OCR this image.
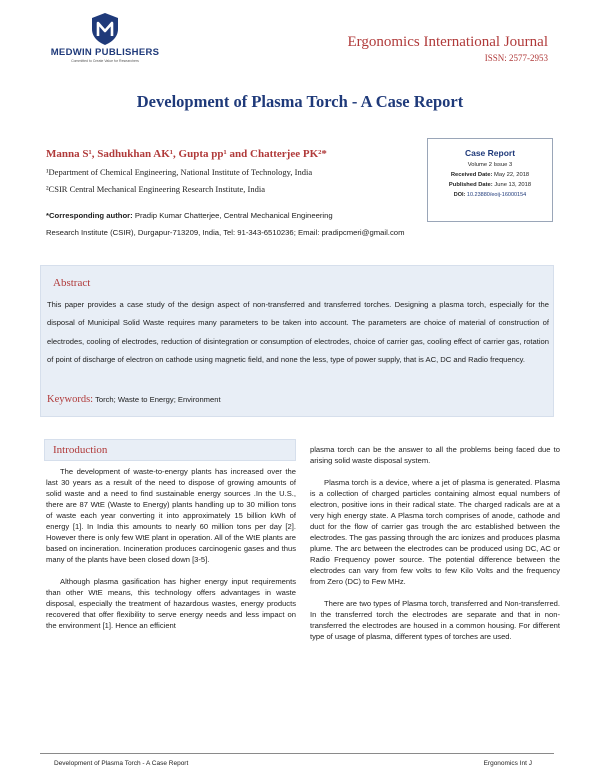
MEDWIN PUBLISHERS
Committed to Create Value for Researchers
Ergonomics International Journal
ISSN: 2577-2953
Development of Plasma Torch - A Case Report
Manna S¹, Sadhukhan AK¹, Gupta pp¹ and Chatterjee PK²*
¹Department of Chemical Engineering, National Institute of Technology, India
²CSIR Central Mechanical Engineering Research Institute, India
Case Report
Volume 2 Issue 3
Received Date: May 22, 2018
Published Date: June 13, 2018
DOI: 10.23880/eoij-16000154
*Corresponding author: Pradip Kumar Chatterjee, Central Mechanical Engineering
Research Institute (CSIR), Durgapur-713209, India, Tel: 91-343-6510236; Email: pradipcmeri@gmail.com
Abstract
This paper provides a case study of the design aspect of non-transferred and transferred torches. Designing a plasma torch, especially for the disposal of Municipal Solid Waste requires many parameters to be taken into account. The parameters are choice of material of construction of electrodes, cooling of electrodes, reduction of disintegration or consumption of electrodes, choice of carrier gas, cooling effect of carrier gas, rotation of point of discharge of electron on cathode using magnetic field, and none the less, type of power supply, that is AC, DC and Radio frequency.
Keywords: Torch; Waste to Energy; Environment
Introduction

The development of waste-to-energy plants has increased over the last 30 years as a result of the need to dispose of growing amounts of solid waste and a need to find sustainable energy sources .In the U.S., there are 87 WtE (Waste to Energy) plants handling up to 30 million tons of waste each year converting it into approximately 15 billion kWh of energy [1]. In India this amounts to nearly 60 million tons per day [2]. However there is only few WtE plant in operation. All of the WtE plants are based on incineration. Incineration produces carcinogenic gases and thus many of the plants have been closed down [3-5].

Although plasma gasification has higher energy input requirements than other WtE means, this technology offers advantages in waste disposal, especially the treatment of hazardous wastes, energy products recovered that offer flexibility to serve energy needs and less impact on the environment [1]. Hence an efficient

plasma torch can be the answer to all the problems being faced due to arising solid waste disposal system.

Plasma torch is a device, where a jet of plasma is generated. Plasma is a collection of charged particles containing almost equal numbers of electron, positive ions in their radical state. The charged radicals are at a very high energy state. A Plasma torch comprises of anode, cathode and duct for the flow of carrier gas trough the arc established between the electrodes. The gas passing through the arc ionizes and produces plasma plume. The arc between the electrodes can be produced using DC, AC or Radio Frequency power source. The potential difference between the electrodes can vary from few volts to few Kilo Volts and the frequency from Zero (DC) to Few MHz.

There are two types of Plasma torch, transferred and Non-transferred. In the transferred torch the electrodes are separate and that in non-transferred the electrodes are housed in a common housing. For different type of usage of plasma, different types of torches are used.

Development of Plasma Torch - A Case Report	Ergonomics Int J
